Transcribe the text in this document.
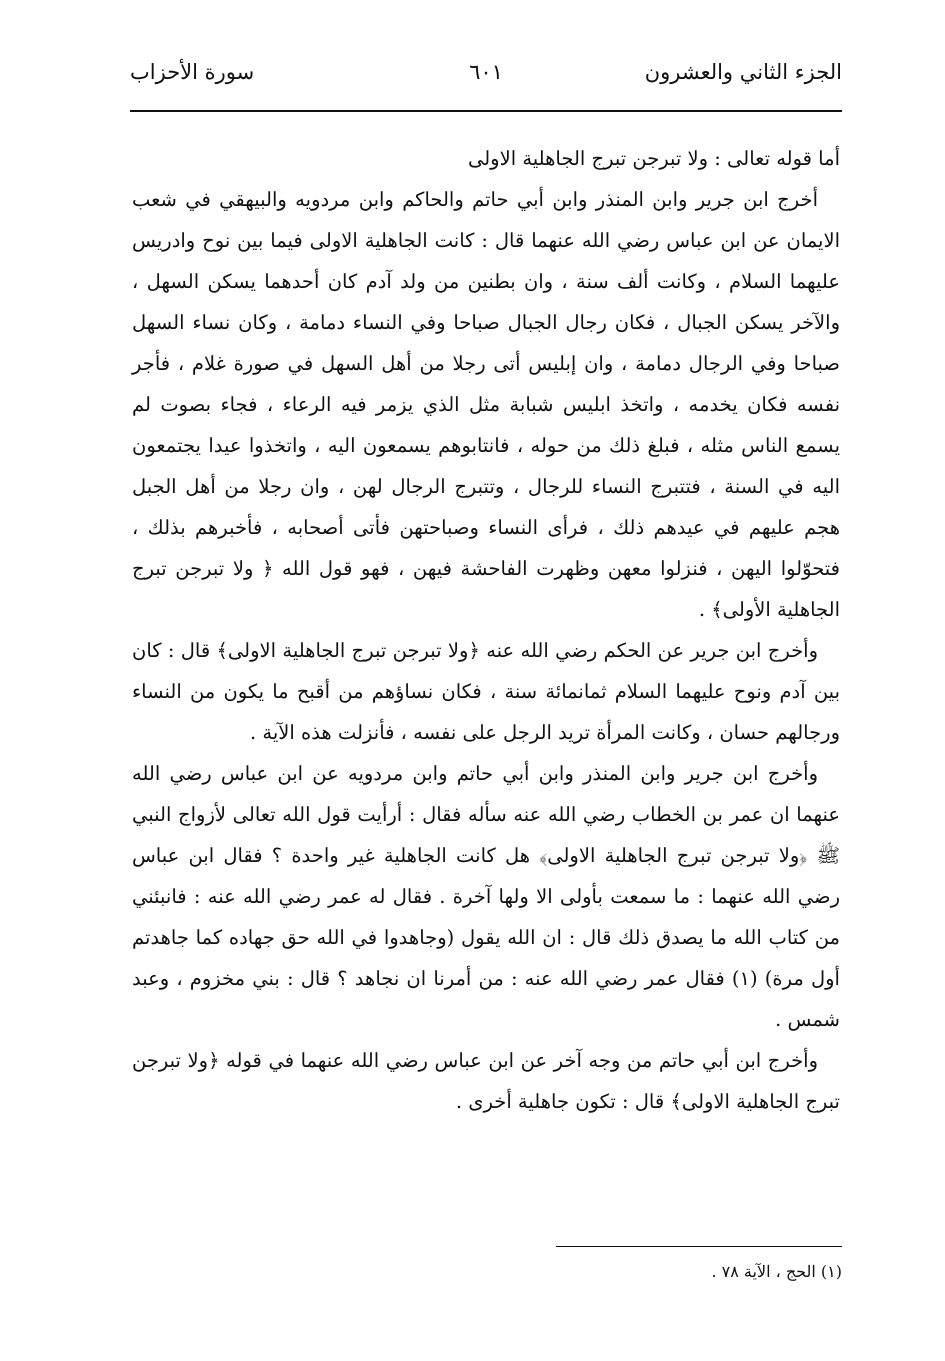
الجزء الثاني والعشرون
٦٠١
سورة الأحزاب

أما قوله تعالى : ولا تبرجن تبرج الجاهلية الاولى

أخرج ابن جرير وابن المنذر وابن أبي حاتم والحاكم وابن مردويه والبيهقي في شعب الايمان عن ابن عباس رضي الله عنهما قال : كانت الجاهلية الاولى فيما بين نوح وادريس عليهما السلام ، وكانت ألف سنة ، وان بطنين من ولد آدم كان أحدهما يسكن السهل ، والآخر يسكن الجبال ، فكان رجال الجبال صباحا وفي النساء دمامة ، وكان نساء السهل صباحا وفي الرجال دمامة ، وان إبليس أتى رجلا من أهل السهل في صورة غلام ، فأجر نفسه فكان يخدمه ، واتخذ ابليس شبابة مثل الذي يزمر فيه الرعاء ، فجاء بصوت لم يسمع الناس مثله ، فبلغ ذلك من حوله ، فانتابوهم يسمعون اليه ، واتخذوا عيدا يجتمعون اليه في السنة ، فتتبرج النساء للرجال ، وتتبرج الرجال لهن ، وان رجلا من أهل الجبل هجم عليهم في عيدهم ذلك ، فرأى النساء وصباحتهن فأتى أصحابه ، فأخبرهم بذلك ، فتحوّلوا اليهن ، فنزلوا معهن وظهرت الفاحشة فيهن ، فهو قول الله ﴿ ولا تبرجن تبرج الجاهلية الأولى﴾ .

وأخرج ابن جرير عن الحكم رضي الله عنه ﴿ولا تبرجن تبرج الجاهلية الاولى﴾ قال : كان بين آدم ونوح عليهما السلام ثمانمائة سنة ، فكان نساؤهم من أقبح ما يكون من النساء ورجالهم حسان ، وكانت المرأة تريد الرجل على نفسه ، فأنزلت هذه الآية .

وأخرج ابن جرير وابن المنذر وابن أبي حاتم وابن مردويه عن ابن عباس رضي الله عنهما ان عمر بن الخطاب رضي الله عنه سأله فقال : أرأيت قول الله تعالى لأزواج النبي ﷺ ﴿ولا تبرجن تبرج الجاهلية الاولى﴾ هل كانت الجاهلية غير واحدة ؟ فقال ابن عباس رضي الله عنهما : ما سمعت بأولى الا ولها آخرة . فقال له عمر رضي الله عنه : فانبئني من كتاب الله ما يصدق ذلك قال : ان الله يقول (وجاهدوا في الله حق جهاده كما جاهدتم أول مرة) (١) فقال عمر رضي الله عنه : من أمرنا ان نجاهد ؟ قال : بني مخزوم ، وعبد شمس .

وأخرج ابن أبي حاتم من وجه آخر عن ابن عباس رضي الله عنهما في قوله ﴿ولا تبرجن تبرج الجاهلية الاولى﴾ قال : تكون جاهلية أخرى .

(١) الحج ، الآية ٧٨ .
